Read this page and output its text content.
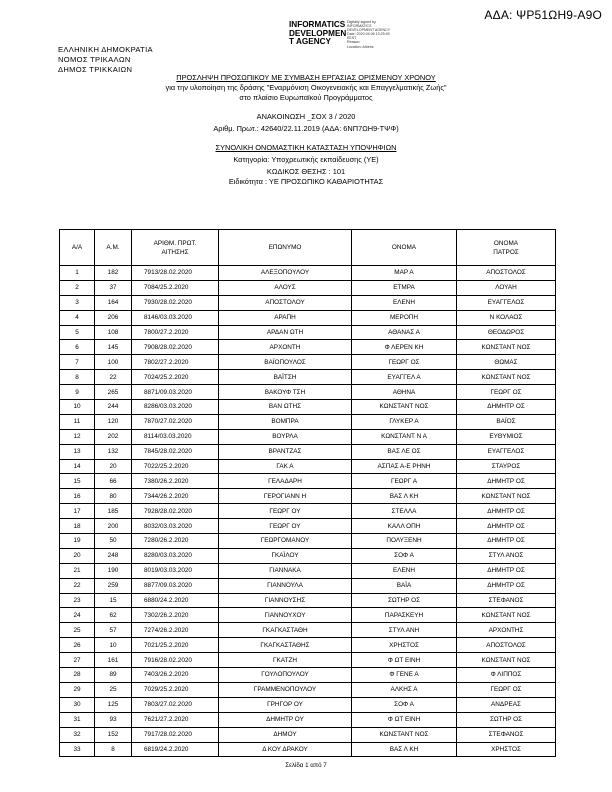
ΑΔΑ: ΨΡ51ΩΗ9-Α9Ο
INFORMATICS
DEVELOPMEN
T AGENCY
Digitally signed by
INFORMATICS
DEVELOPMENT AGENCY
Date: 2020.04.06 13:25:49
EEST
Reason:
Location: Athens
ΕΛΛΗΝΙΚΗ ΔΗΜΟΚΡΑΤΙΑ
ΝΟΜΟΣ ΤΡΙΚΑΛΩΝ
ΔΗΜΟΣ ΤΡΙΚΚΑΙΩΝ
ΠΡΟΣΛΗΨΗ ΠΡΟΣΩΠΙΚΟΥ ΜΕ ΣΥΜΒΑΣΗ ΕΡΓΑΣΙΑΣ ΟΡΙΣΜΕΝΟΥ ΧΡΟΝΟΥ
για την υλοποίηση της δράσης "Εναρμόνιση Οικογενειακής και Επαγγελματικής Ζωής"
στο πλαίσιο Ευρωπαϊκού Προγράμματος
ΑΝΑΚΟΙΝΩΣΗ _ΣΟΧ 3 / 2020
Αριθμ. Πρωτ.: 42640/22.11.2019 (ΑΔΑ: 6ΝΠ7ΩΗ9-ΤΨΦ)
ΣΥΝΟΛΙΚΗ ΟΝΟΜΑΣΤΙΚΗ ΚΑΤΑΣΤΑΣΗ ΥΠΟΨΗΦΙΩΝ
Κατηγορία: Υποχρεωτικής εκπαίδευσης (ΥΕ)
ΚΩΔΙΚΟΣ ΘΕΣΗΣ : 101
Ειδικότητα : ΥΕ ΠΡΟΣΩΠΙΚΟ ΚΑΘΑΡΙΟΤΗΤΑΣ
Α/Α	Α.Μ.	ΑΡΙΘΜ. ΠΡΩΤ. ΑΙΤΗΣΗΣ	ΕΠΩΝΥΜΟ	ΟΝΟΜΑ	ΟΝΟΜΑ ΠΑΤΡΟΣ
1	182	7913/28.02.2020	ΑΛΕΞΟΠΟΥΛΟΥ	ΜΑΡ Α	ΑΠΟΣΤΟΛΟΣ
2	37	7084/25.2.2020	ΑΛΟΥΣ	ΕΤΜΡΑ	ΛΟΥΑΗ
3	164	7930/28.02.2020	ΑΠΟΣΤΟΛΟΥ	ΕΛΕΝΗ	ΕΥΑΓΓΕΛΟΣ
4	206	8146/03.03.2020	ΑΡΑΠΗ	ΜΕΡΟΠΗ	Ν ΚΟΛΑΟΣ
5	108	7800/27.2.2020	ΑΡΔΑΝ ΩΤΗ	ΑΘΑΝΑΣ Α	ΘΕΟΔΩΡΟΣ
6	145	7908/28.02.2020	ΑΡΧΟΝΤΗ	Φ ΛΕΡΕΝ ΚΗ	ΚΩΝΣΤΑΝΤ ΝΟΣ
7	100	7802/27.2.2020	ΒΑΪΟΠΟΥΛΟΣ	ΓΕΩΡΓ ΟΣ	ΘΩΜΑΣ
8	22	7024/25.2.2020	ΒΑΪΤΣΗ	ΕΥΑΓΓΕΛ Α	ΚΩΝΣΤΑΝΤ ΝΟΣ
9	265	8871/09.03.2020	ΒΑΚΟΥΦ ΤΣΗ	ΑΘΗΝΑ	ΓΕΩΡΓ ΟΣ
10	244	8286/03.03.2020	ΒΑΝ ΩΤΗΣ	ΚΩΝΣΤΑΝΤ ΝΟΣ	ΔΗΜΗΤΡ ΟΣ
11	120	7870/27.02.2020	ΒΟΜΠΡΑ	ΓΛΥΚΕΡ Α	ΒΑΪΟΣ
12	202	8114/03.03.2020	ΒΟΥΡΛΑ	ΚΩΝΣΤΑΝΤ Ν Α	ΕΥΘΥΜΙΟΣ
13	132	7845/28.02.2020	ΒΡΑΝΤΖΑΣ	ΒΑΣ ΛΕ ΟΣ	ΕΥΑΓΓΕΛΟΣ
14	20	7022/25.2.2020	ΓΑΚ Α	ΑΣΠΑΣ Α-Ε ΡΗΝΗ	ΣΤΑΥΡΟΣ
15	66	7380/26.2.2020	ΓΕΛΑΔΑΡΗ	ΓΕΩΡΓ Α	ΔΗΜΗΤΡ ΟΣ
16	80	7344/26.2.2020	ΓΕΡΟΓΙΑΝΝ Η	ΒΑΣ Λ ΚΗ	ΚΩΝΣΤΑΝΤ ΝΟΣ
17	185	7928/28.02.2020	ΓΕΩΡΓ ΟΥ	ΣΤΕΛΛΑ	ΔΗΜΗΤΡ ΟΣ
18	200	8032/03.03.2020	ΓΕΩΡΓ ΟΥ	ΚΑΛΛ ΟΠΗ	ΔΗΜΗΤΡ ΟΣ
19	50	7280/26.2.2020	ΓΕΩΡΓΟΜΑΝΟΥ	ΠΟΛΥΞΕΝΗ	ΔΗΜΗΤΡ ΟΣ
20	248	8280/03.03.2020	ΓΚΑΪΛΟΥ	ΣΟΦ Α	ΣΤΥΛ ΑΝΟΣ
21	190	8019/03.03.2020	ΓΙΑΝΝΑΚΑ	ΕΛΕΝΗ	ΔΗΜΗΤΡ ΟΣ
22	259	8877/09.03.2020	ΓΙΑΝΝΟΥΛΑ	ΒΑΪΑ	ΔΗΜΗΤΡ ΟΣ
23	15	6880/24.2.2020	ΓΙΑΝΝΟΥΣΗΣ	ΣΩΤΗΡ ΟΣ	ΣΤΕΦΑΝΟΣ
24	62	7302/26.2.2020	ΓΙΑΝΝΟΥΧΟΥ	ΠΑΡΑΣΚΕΥΗ	ΚΩΝΣΤΑΝΤ ΝΟΣ
25	57	7274/26.2.2020	ΓΚΑΓΚΑΣΤΑΘΗ	ΣΤΥΛ ΑΝΗ	ΑΡΧΟΝΤΗΣ
26	10	7021/25.2.2020	ΓΚΑΓΚΑΣΤΑΘΗΣ	ΧΡΗΣΤΟΣ	ΑΠΟΣΤΟΛΟΣ
27	161	7916/28.02.2020	ΓΚΑΤΖΗ	Φ ΩΤ ΕΙΝΗ	ΚΩΝΣΤΑΝΤ ΝΟΣ
28	89	7403/26.2.2020	ΓΟΥΛΟΠΟΥΛΟΥ	Φ ΓΕΝΕ Α	Φ ΛΙΠΠΟΣ
29	25	7029/25.2.2020	ΓΡΑΜΜΕΝΟΠΟΥΛΟΥ	ΑΛΚΗΣ Α	ΓΕΩΡΓ ΟΣ
30	125	7803/27.02.2020	ΓΡΗΓΟΡ ΟΥ	ΣΟΦ Α	ΑΝΔΡΕΑΣ
31	93	7621/27.2.2020	ΔΗΜΗΤΡ ΟΥ	Φ ΩΤ ΕΙΝΗ	ΣΩΤΗΡ ΟΣ
32	152	7917/28.02.2020	ΔΗΜΟΥ	ΚΩΝΣΤΑΝΤ ΝΟΣ	ΣΤΕΦΑΝΟΣ
33	8	6819/24.2.2020	Δ ΚΟΥ ΔΡΑΚΟΥ	ΒΑΣ Λ ΚΗ	ΧΡΗΣΤΟΣ
Σελίδα 1 από 7
